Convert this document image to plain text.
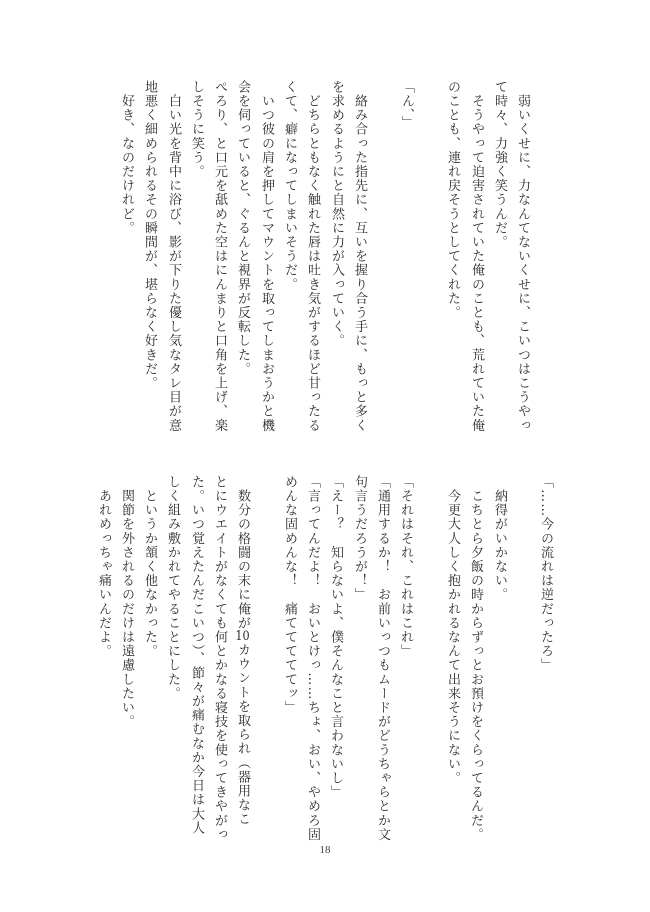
　弱いくせに、力なんてないくせに、こいつはこうやっ
て時々、力強く笑うんだ。
　そうやって迫害されていた俺のことも、荒れていた俺
のことも、連れ戻そうとしてくれた。
「ん、」
　絡み合った指先に、互いを握り合う手に、もっと多く
を求めるようにと自然に力が入っていく。
　どちらともなく触れた唇は吐き気がするほど甘ったる
くて、癖になってしまいそうだ。
　いつ彼の肩を押してマウントを取ってしまおうかと機
会を伺っていると、ぐるんと視界が反転した。
ぺろり、と口元を舐めた空はにんまりと口角を上げ、楽
しそうに笑う。
　白い光を背中に浴び、影が下りた優し気なタレ目が意
地悪く細められるその瞬間が、堪らなく好きだ。
　好き、なのだけれど。
「……今の流れは逆だったろ」
　納得がいかない。
　こちとら夕飯の時からずっとお預けをくらってるんだ。
　今更大人しく抱かれるなんて出来そうにない。
「それはそれ、これはこれ」
「通用するか！　お前いっつもムードがどうちゃらとか文
句言うだろうが！」
「えー？　知らないよ、僕そんなこと言わないし」
「言ってんだよ！　おいとけっ……ちょ、おい、やめろ固
めんな固めんな！　痛てててててッ」
　数分の格闘の末に俺が10カウントを取られ（器用なこ
とにウエイトがなくても何とかなる寝技を使ってきやがっ
た。いつ覚えたんだこいつ）、節々が痛むなか今日は大人
しく組み敷かれてやることにした。
　というか頷く他なかった。
　関節を外されるのだけは遠慮したい。
　あれめっちゃ痛いんだよ。
18
